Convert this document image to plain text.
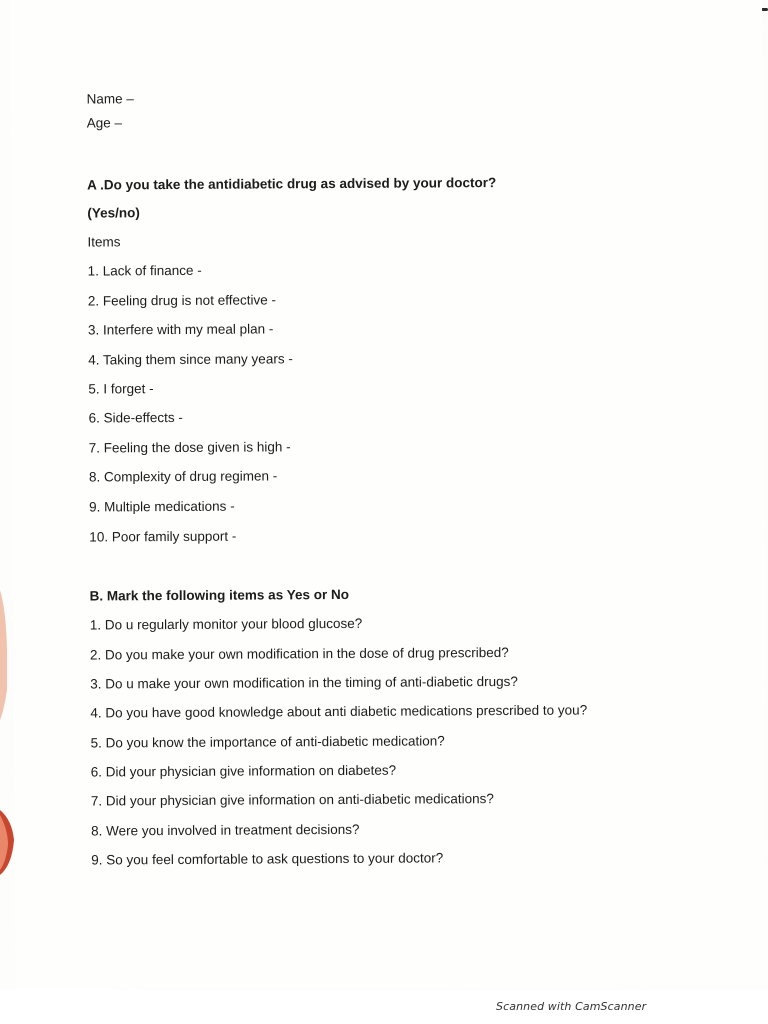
Name –
Age –
A .Do you take the antidiabetic drug as advised by your doctor?
(Yes/no)
Items
1. Lack of finance -
2. Feeling drug is not effective -
3. Interfere with my meal plan -
4. Taking them since many years -
5. I forget -
6. Side-effects -
7. Feeling the dose given is high -
8. Complexity of drug regimen -
9. Multiple medications -
10. Poor family support -
B. Mark the following items as Yes or No
1. Do u regularly monitor your blood glucose?
2. Do you make your own modification in the dose of drug prescribed?
3. Do u make your own modification in the timing of anti-diabetic drugs?
4. Do you have good knowledge about anti diabetic medications prescribed to you?
5. Do you know the importance of anti-diabetic medication?
6. Did your physician give information on diabetes?
7. Did your physician give information on anti-diabetic medications?
8. Were you involved in treatment decisions?
9. So you feel comfortable to ask questions to your doctor?
Scanned with CamScanner
